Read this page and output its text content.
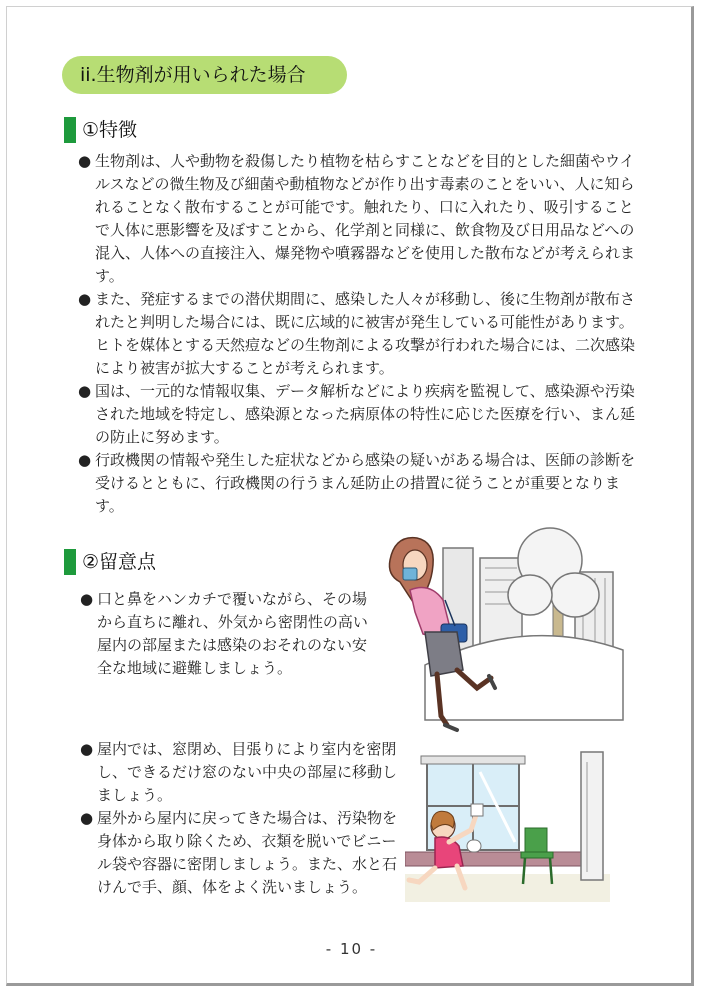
ii.生物剤が用いられた場合
①特徴

● 生物剤は、人や動物を殺傷したり植物を枯らすことなどを目的とした細菌やウイルスなどの微生物及び細菌や動植物などが作り出す毒素のことをいい、人に知られることなく散布することが可能です。触れたり、口に入れたり、吸引することで人体に悪影響を及ぼすことから、化学剤と同様に、飲食物及び日用品などへの混入、人体への直接注入、爆発物や噴霧器などを使用した散布などが考えられます。

● また、発症するまでの潜伏期間に、感染した人々が移動し、後に生物剤が散布されたと判明した場合には、既に広域的に被害が発生している可能性があります。ヒトを媒体とする天然痘などの生物剤による攻撃が行われた場合には、二次感染により被害が拡大することが考えられます。

● 国は、一元的な情報収集、データ解析などにより疾病を監視して、感染源や汚染された地域を特定し、感染源となった病原体の特性に応じた医療を行い、まん延の防止に努めます。

● 行政機関の情報や発生した症状などから感染の疑いがある場合は、医師の診断を受けるとともに、行政機関の行うまん延防止の措置に従うことが重要となります。

②留意点

● 口と鼻をハンカチで覆いながら、その場から直ちに離れ、外気から密閉性の高い屋内の部屋または感染のおそれのない安全な地域に避難しましょう。

● 屋内では、窓閉め、目張りにより室内を密閉し、できるだけ窓のない中央の部屋に移動しましょう。

● 屋外から屋内に戻ってきた場合は、汚染物を身体から取り除くため、衣類を脱いでビニール袋や容器に密閉しましょう。また、水と石けんで手、顔、体をよく洗いましょう。

- 10 -
